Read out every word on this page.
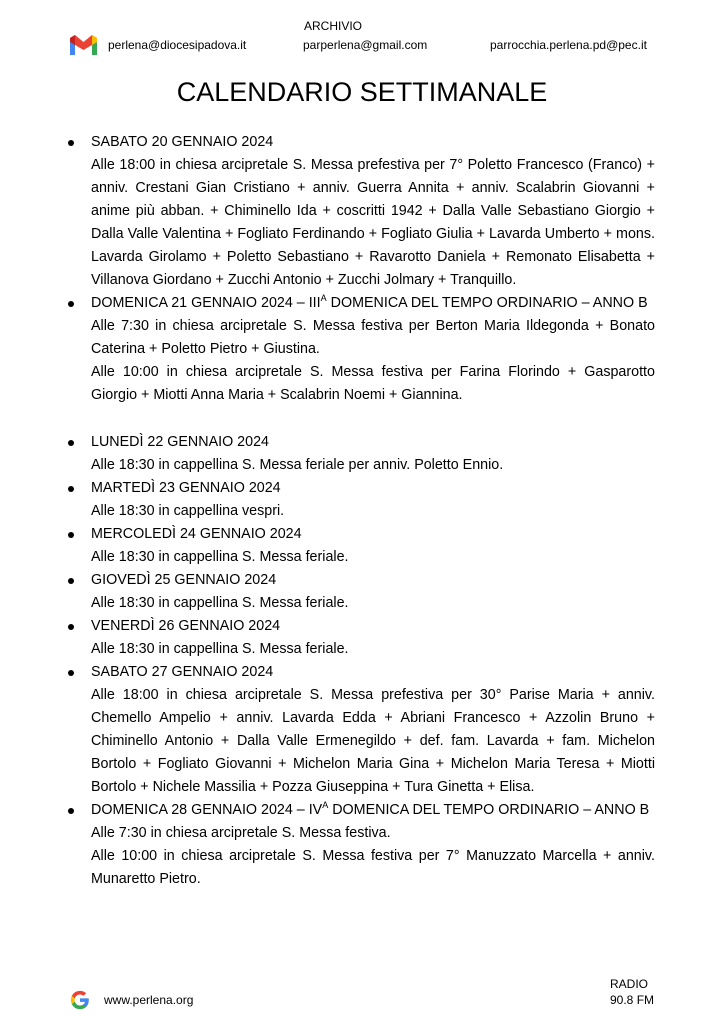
ARCHIVIO
perlena@diocesipadova.it	parperlena@gmail.com	parrocchia.perlena.pd@pec.it
CALENDARIO SETTIMANALE
SABATO 20 GENNAIO 2024
Alle 18:00 in chiesa arcipretale S. Messa prefestiva per 7° Poletto Francesco (Franco) + anniv. Crestani Gian Cristiano + anniv. Guerra Annita + anniv. Scalabrin Giovanni + anime più abban. + Chiminello Ida + coscritti 1942 + Dalla Valle Sebastiano Giorgio + Dalla Valle Valentina + Fogliato Ferdinando + Fogliato Giulia + Lavarda Umberto + mons. Lavarda Girolamo + Poletto Sebastiano + Ravarotto Daniela + Remonato Elisabetta + Villanova Giordano + Zucchi Antonio + Zucchi Jolmary + Tranquillo.
DOMENICA 21 GENNAIO $2024 - III^A$ DOMENICA DEL TEMPO ORDINARIO – ANNO B
Alle 7:30 in chiesa arcipretale S. Messa festiva per Berton Maria Ildegonda + Bonato Caterina + Poletto Pietro + Giustina.
Alle 10:00 in chiesa arcipretale S. Messa festiva per Farina Florindo + Gasparotto Giorgio + Miotti Anna Maria + Scalabrin Noemi + Giannina.
LUNEDÌ 22 GENNAIO 2024
Alle 18:30 in cappellina S. Messa feriale per anniv. Poletto Ennio.
MARTEDÌ 23 GENNAIO 2024
Alle 18:30 in cappellina vespri.
MERCOLEDÌ 24 GENNAIO 2024
Alle 18:30 in cappellina S. Messa feriale.
GIOVEDÌ 25 GENNAIO 2024
Alle 18:30 in cappellina S. Messa feriale.
VENERDÌ 26 GENNAIO 2024
Alle 18:30 in cappellina S. Messa feriale.
SABATO 27 GENNAIO 2024
Alle 18:00 in chiesa arcipretale S. Messa prefestiva per 30° Parise Maria + anniv. Chemello Ampelio + anniv. Lavarda Edda + Abriani Francesco + Azzolin Bruno + Chiminello Antonio + Dalla Valle Ermenegildo + def. fam. Lavarda + fam. Michelon Bortolo + Fogliato Giovanni + Michelon Maria Gina + Michelon Maria Teresa + Miotti Bortolo + Nichele Massilia + Pozza Giuseppina + Tura Ginetta + Elisa.
DOMENICA 28 GENNAIO $2024 - IV^A$ DOMENICA DEL TEMPO ORDINARIO – ANNO B
Alle 7:30 in chiesa arcipretale S. Messa festiva.
Alle 10:00 in chiesa arcipretale S. Messa festiva per 7° Manuzzato Marcella + anniv. Munaretto Pietro.
www.perlena.org
RADIO
90.8 FM
